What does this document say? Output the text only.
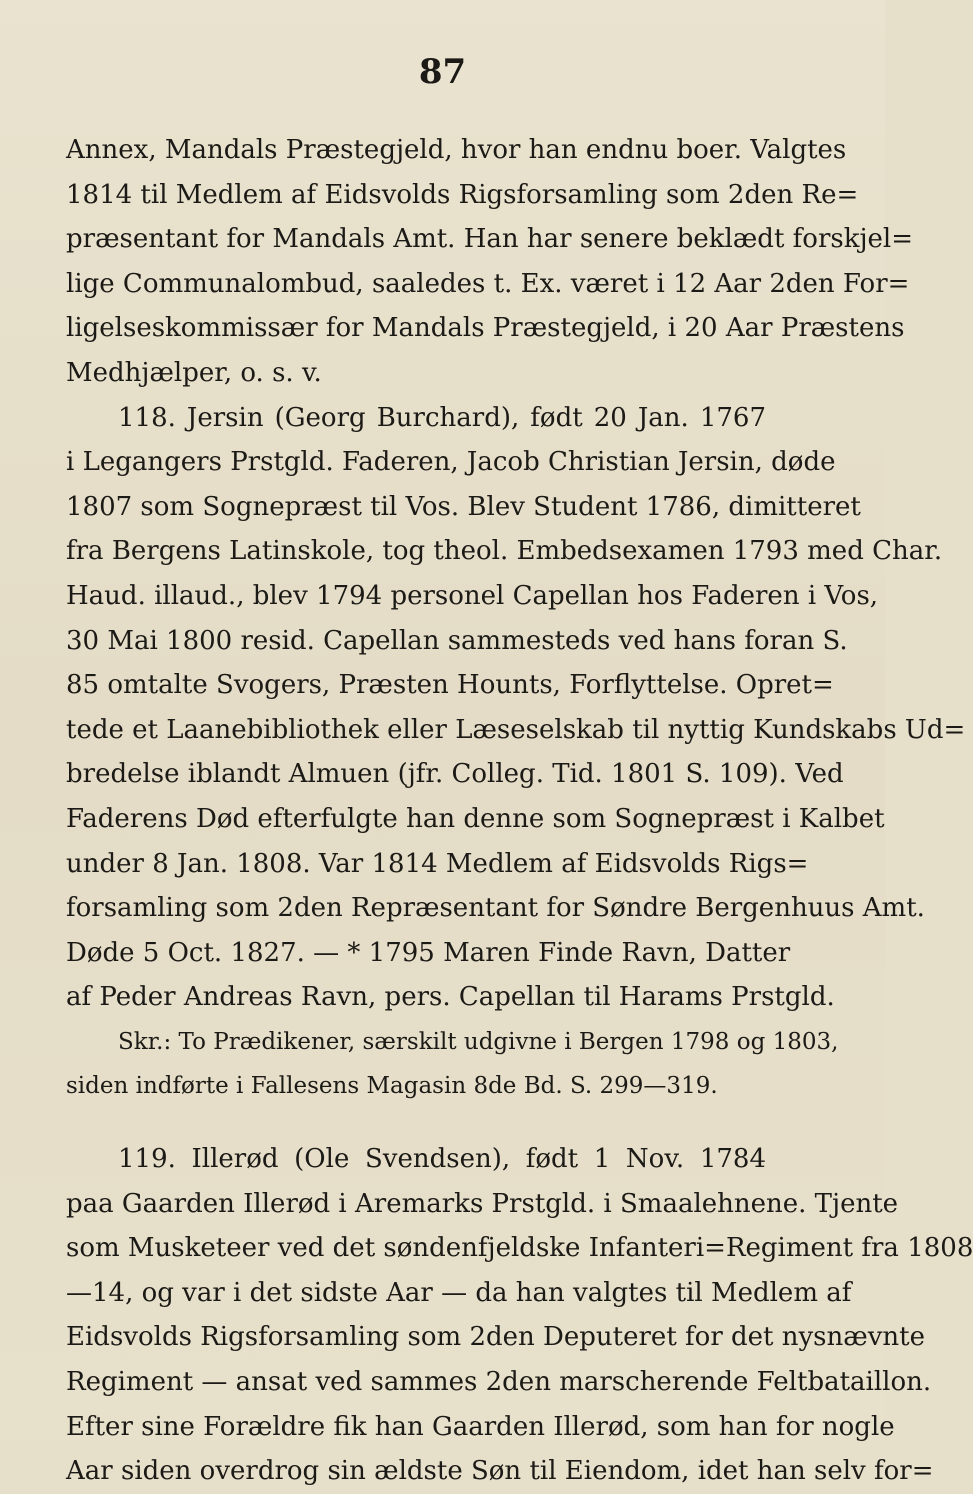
87
Annex, Mandals Præstegjeld, hvor han endnu boer. Valgtes
1814 til Medlem af Eidsvolds Rigsforsamling som 2den Re=
præsentant for Mandals Amt. Han har senere beklædt forskjel=
lige Communalombud, saaledes t. Ex. været i 12 Aar 2den For=
ligelseskommissær for Mandals Præstegjeld, i 20 Aar Præstens
Medhjælper, o. s. v.
118. Jersin (Georg Burchard), født 20 Jan. 1767
i Legangers Prstgld. Faderen, Jacob Christian Jersin, døde
1807 som Sognepræst til Vos. Blev Student 1786, dimitteret
fra Bergens Latinskole, tog theol. Embedsexamen 1793 med Char.
Haud. illaud., blev 1794 personel Capellan hos Faderen i Vos,
30 Mai 1800 resid. Capellan sammesteds ved hans foran S.
85 omtalte Svogers, Præsten Hounts, Forflyttelse. Opret=
tede et Laanebibliothek eller Læseselskab til nyttig Kundskabs Ud=
bredelse iblandt Almuen (jfr. Colleg. Tid. 1801 S. 109). Ved
Faderens Død efterfulgte han denne som Sognepræst i Kalbet
under 8 Jan. 1808. Var 1814 Medlem af Eidsvolds Rigs=
forsamling som 2den Repræsentant for Søndre Bergenhuus Amt.
Døde 5 Oct. 1827. — * 1795 Maren Finde Ravn, Datter
af Peder Andreas Ravn, pers. Capellan til Harams Prstgld.
Skr.: To Prædikener, særskilt udgivne i Bergen 1798 og 1803,
siden indførte i Fallesens Magasin 8de Bd. S. 299—319.
119. Illerød (Ole Svendsen), født 1 Nov. 1784
paa Gaarden Illerød i Aremarks Prstgld. i Smaalehnene. Tjente
som Musketeer ved det søndenfjeldske Infanteri=Regiment fra 1808
—14, og var i det sidste Aar — da han valgtes til Medlem af
Eidsvolds Rigsforsamling som 2den Deputeret for det nysnævnte
Regiment — ansat ved sammes 2den marscherende Feltbataillon.
Efter sine Forældre fik han Gaarden Illerød, som han for nogle
Aar siden overdrog sin ældste Søn til Eiendom, idet han selv for=
